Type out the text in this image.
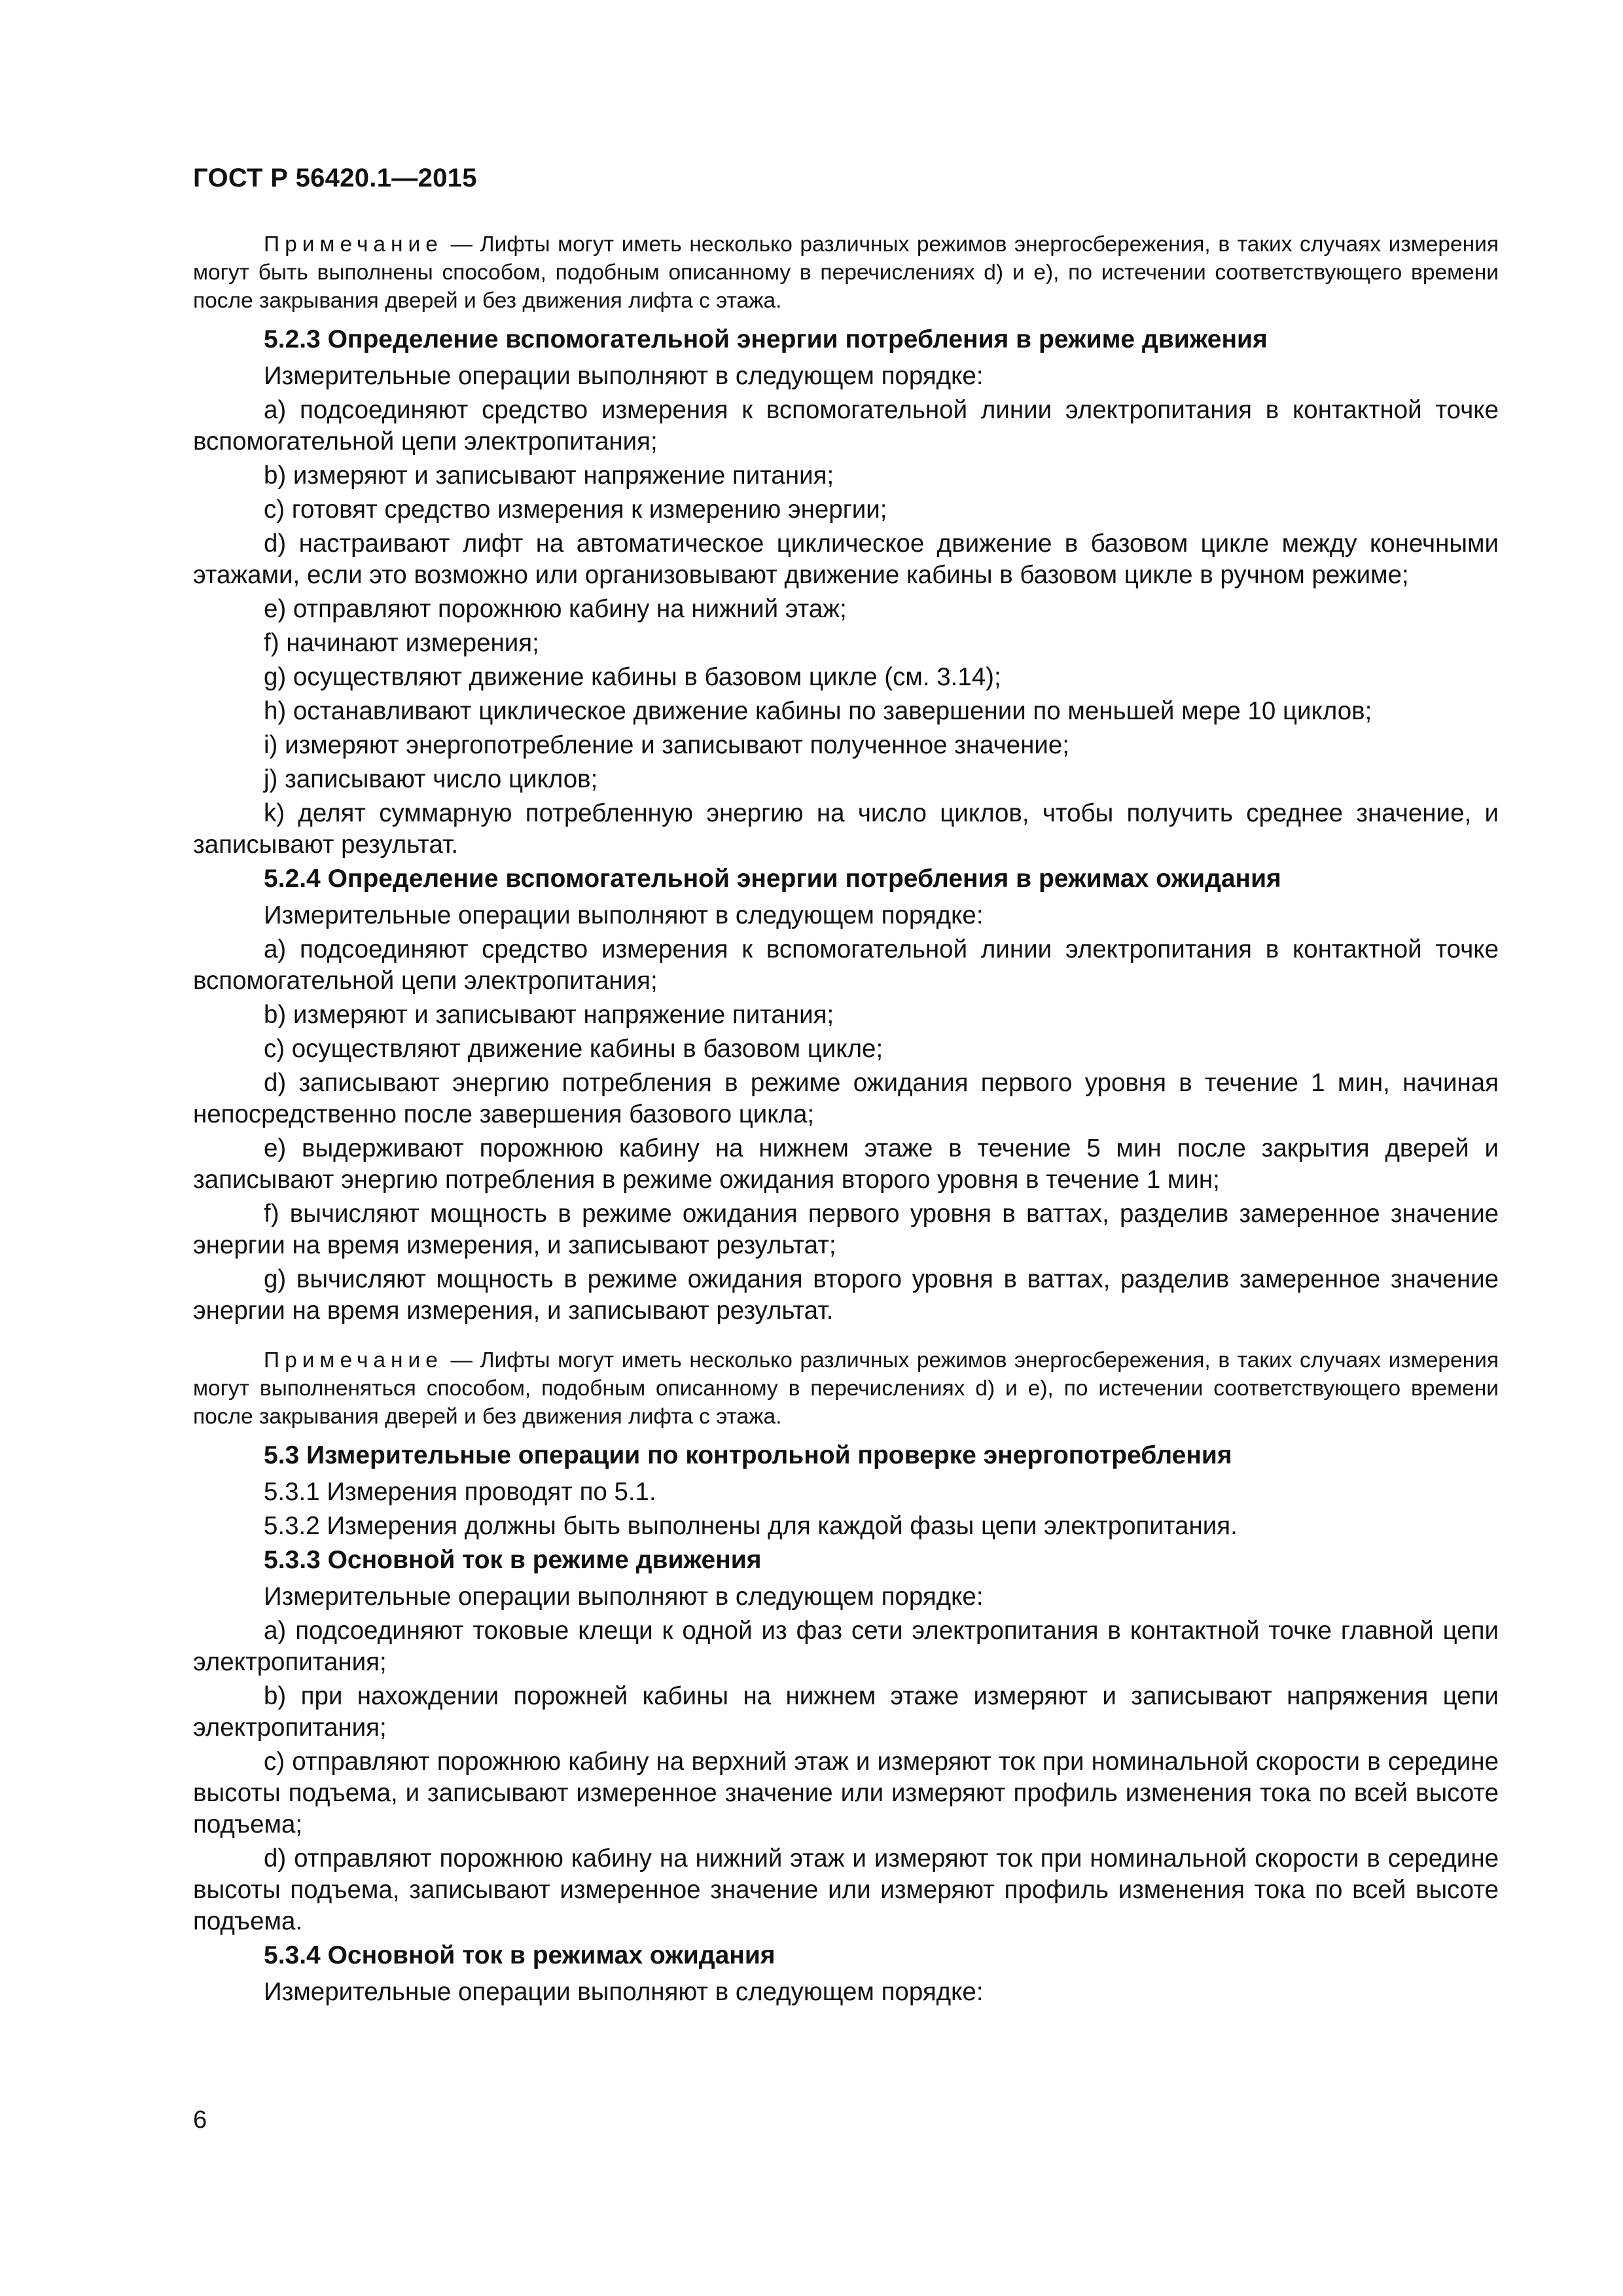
ГОСТ Р 56420.1—2015

Примечание — Лифты могут иметь несколько различных режимов энергосбережения, в таких случаях измерения могут быть выполнены способом, подобным описанному в перечислениях d) и e), по истечении соответствующего времени после закрывания дверей и без движения лифта с этажа.

5.2.3 Определение вспомогательной энергии потребления в режиме движения

Измерительные операции выполняют в следующем порядке:

a) подсоединяют средство измерения к вспомогательной линии электропитания в контактной точке вспомогательной цепи электропитания;

b) измеряют и записывают напряжение питания;

c) готовят средство измерения к измерению энергии;

d) настраивают лифт на автоматическое циклическое движение в базовом цикле между конечными этажами, если это возможно или организовывают движение кабины в базовом цикле в ручном режиме;

e) отправляют порожнюю кабину на нижний этаж;

f) начинают измерения;

g) осуществляют движение кабины в базовом цикле (см. 3.14);

h) останавливают циклическое движение кабины по завершении по меньшей мере 10 циклов;

i) измеряют энергопотребление и записывают полученное значение;

j) записывают число циклов;

k) делят суммарную потребленную энергию на число циклов, чтобы получить среднее значение, и записывают результат.

5.2.4 Определение вспомогательной энергии потребления в режимах ожидания

Измерительные операции выполняют в следующем порядке:

a) подсоединяют средство измерения к вспомогательной линии электропитания в контактной точке вспомогательной цепи электропитания;

b) измеряют и записывают напряжение питания;

c) осуществляют движение кабины в базовом цикле;

d) записывают энергию потребления в режиме ожидания первого уровня в течение 1 мин, начиная непосредственно после завершения базового цикла;

e) выдерживают порожнюю кабину на нижнем этаже в течение 5 мин после закрытия дверей и записывают энергию потребления в режиме ожидания второго уровня в течение 1 мин;

f) вычисляют мощность в режиме ожидания первого уровня в ваттах, разделив замеренное значение энергии на время измерения, и записывают результат;

g) вычисляют мощность в режиме ожидания второго уровня в ваттах, разделив замеренное значение энергии на время измерения, и записывают результат.

Примечание — Лифты могут иметь несколько различных режимов энергосбережения, в таких случаях измерения могут выполненяться способом, подобным описанному в перечислениях d) и e), по истечении соответствующего времени после закрывания дверей и без движения лифта с этажа.

5.3 Измерительные операции по контрольной проверке энергопотребления

5.3.1 Измерения проводят по 5.1.

5.3.2 Измерения должны быть выполнены для каждой фазы цепи электропитания.

5.3.3 Основной ток в режиме движения

Измерительные операции выполняют в следующем порядке:

a) подсоединяют токовые клещи к одной из фаз сети электропитания в контактной точке главной цепи электропитания;

b) при нахождении порожней кабины на нижнем этаже измеряют и записывают напряжения цепи электропитания;

c) отправляют порожнюю кабину на верхний этаж и измеряют ток при номинальной скорости в середине высоты подъема, и записывают измеренное значение или измеряют профиль изменения тока по всей высоте подъема;

d) отправляют порожнюю кабину на нижний этаж и измеряют ток при номинальной скорости в середине высоты подъема, записывают измеренное значение или измеряют профиль изменения тока по всей высоте подъема.

5.3.4 Основной ток в режимах ожидания

Измерительные операции выполняют в следующем порядке:

6
